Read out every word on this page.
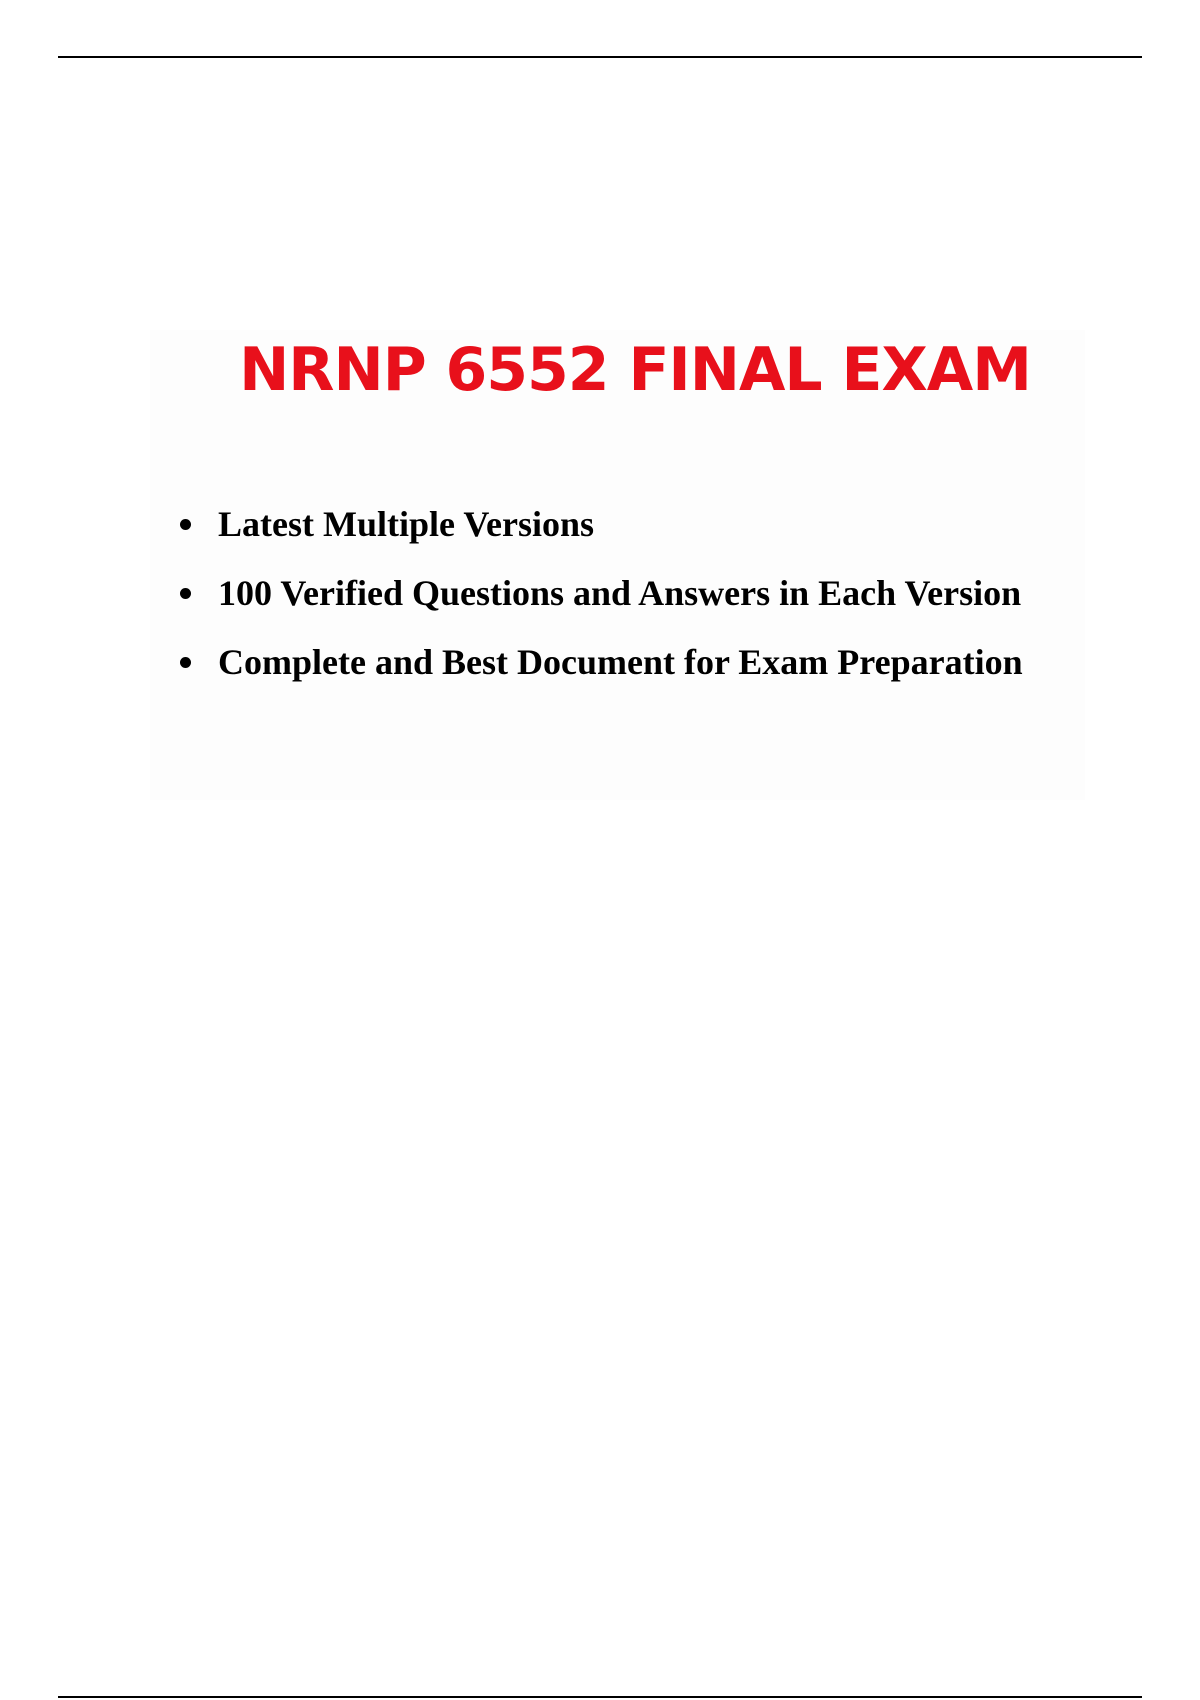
NRNP 6552 FINAL EXAM
Latest Multiple Versions
100 Verified Questions and Answers in Each Version
Complete and Best Document for Exam Preparation
